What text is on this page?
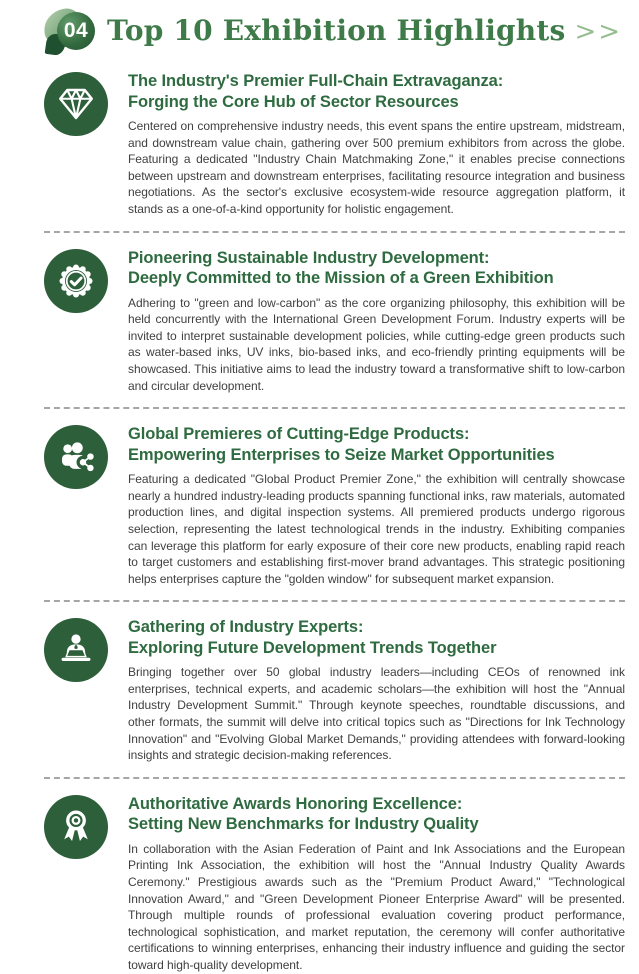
04 Top 10 Exhibition Highlights >>
The Industry's Premier Full-Chain Extravaganza:
Forging the Core Hub of Sector Resources

Centered on comprehensive industry needs, this event spans the entire upstream, midstream, and downstream value chain, gathering over 500 premium exhibitors from across the globe. Featuring a dedicated "Industry Chain Matchmaking Zone," it enables precise connections between upstream and downstream enterprises, facilitating resource integration and business negotiations. As the sector's exclusive ecosystem-wide resource aggregation platform, it stands as a one-of-a-kind opportunity for holistic engagement.

Pioneering Sustainable Industry Development:
Deeply Committed to the Mission of a Green Exhibition

Adhering to "green and low-carbon" as the core organizing philosophy, this exhibition will be held concurrently with the International Green Development Forum. Industry experts will be invited to interpret sustainable development policies, while cutting-edge green products such as water-based inks, UV inks, bio-based inks, and eco-friendly printing equipments will be showcased. This initiative aims to lead the industry toward a transformative shift to low-carbon and circular development.

Global Premieres of Cutting-Edge Products:
Empowering Enterprises to Seize Market Opportunities

Featuring a dedicated "Global Product Premier Zone," the exhibition will centrally showcase nearly a hundred industry-leading products spanning functional inks, raw materials, automated production lines, and digital inspection systems. All premiered products undergo rigorous selection, representing the latest technological trends in the industry. Exhibiting companies can leverage this platform for early exposure of their core new products, enabling rapid reach to target customers and establishing first-mover brand advantages. This strategic positioning helps enterprises capture the "golden window" for subsequent market expansion.

Gathering of Industry Experts:
Exploring Future Development Trends Together

Bringing together over 50 global industry leaders—including CEOs of renowned ink enterprises, technical experts, and academic scholars—the exhibition will host the "Annual Industry Development Summit." Through keynote speeches, roundtable discussions, and other formats, the summit will delve into critical topics such as "Directions for Ink Technology Innovation" and "Evolving Global Market Demands," providing attendees with forward-looking insights and strategic decision-making references.

Authoritative Awards Honoring Excellence:
Setting New Benchmarks for Industry Quality

In collaboration with the Asian Federation of Paint and Ink Associations and the European Printing Ink Association, the exhibition will host the "Annual Industry Quality Awards Ceremony." Prestigious awards such as the "Premium Product Award," "Technological Innovation Award," and "Green Development Pioneer Enterprise Award" will be presented. Through multiple rounds of professional evaluation covering product performance, technological sophistication, and market reputation, the ceremony will confer authoritative certifications to winning enterprises, enhancing their industry influence and guiding the sector toward high-quality development.
